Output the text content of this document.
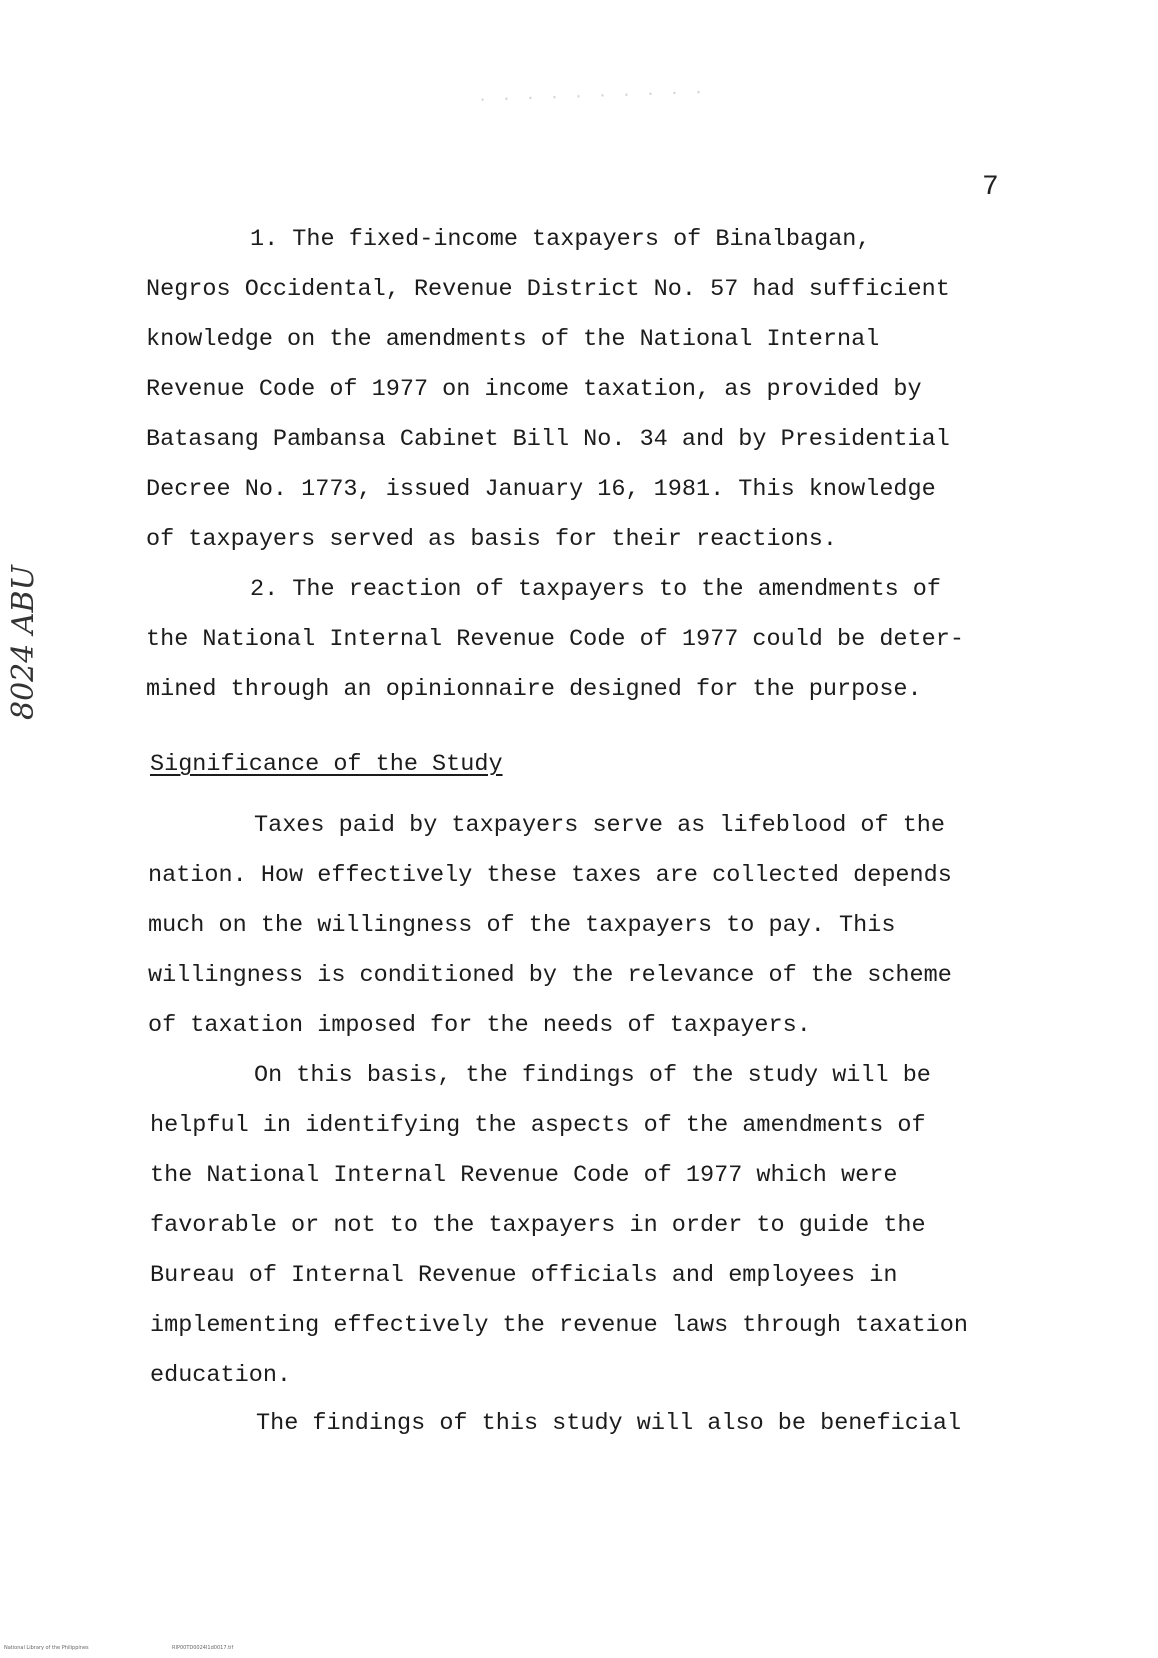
· · · · · · · · · ·
7
8024 ABU
1. The fixed-income taxpayers of Binalbagan,
Negros Occidental, Revenue District No. 57 had sufficient
knowledge on the amendments of the National Internal
Revenue Code of 1977 on income taxation, as provided by
Batasang Pambansa Cabinet Bill No. 34 and by Presidential
Decree No. 1773, issued January 16, 1981. This knowledge
of taxpayers served as basis for their reactions.
2. The reaction of taxpayers to the amendments of
the National Internal Revenue Code of 1977 could be deter-
mined through an opinionnaire designed for the purpose.
Significance of the Study
Taxes paid by taxpayers serve as lifeblood of the
nation. How effectively these taxes are collected depends
much on the willingness of the taxpayers to pay. This
willingness is conditioned by the relevance of the scheme
of taxation imposed for the needs of taxpayers.
On this basis, the findings of the study will be
helpful in identifying the aspects of the amendments of
the National Internal Revenue Code of 1977 which were
favorable or not to the taxpayers in order to guide the
Bureau of Internal Revenue officials and employees in
implementing effectively the revenue laws through taxation
education.
The findings of this study will also be beneficial
National Library of the Philippines	RIP00TD0024I1d0017.tif
